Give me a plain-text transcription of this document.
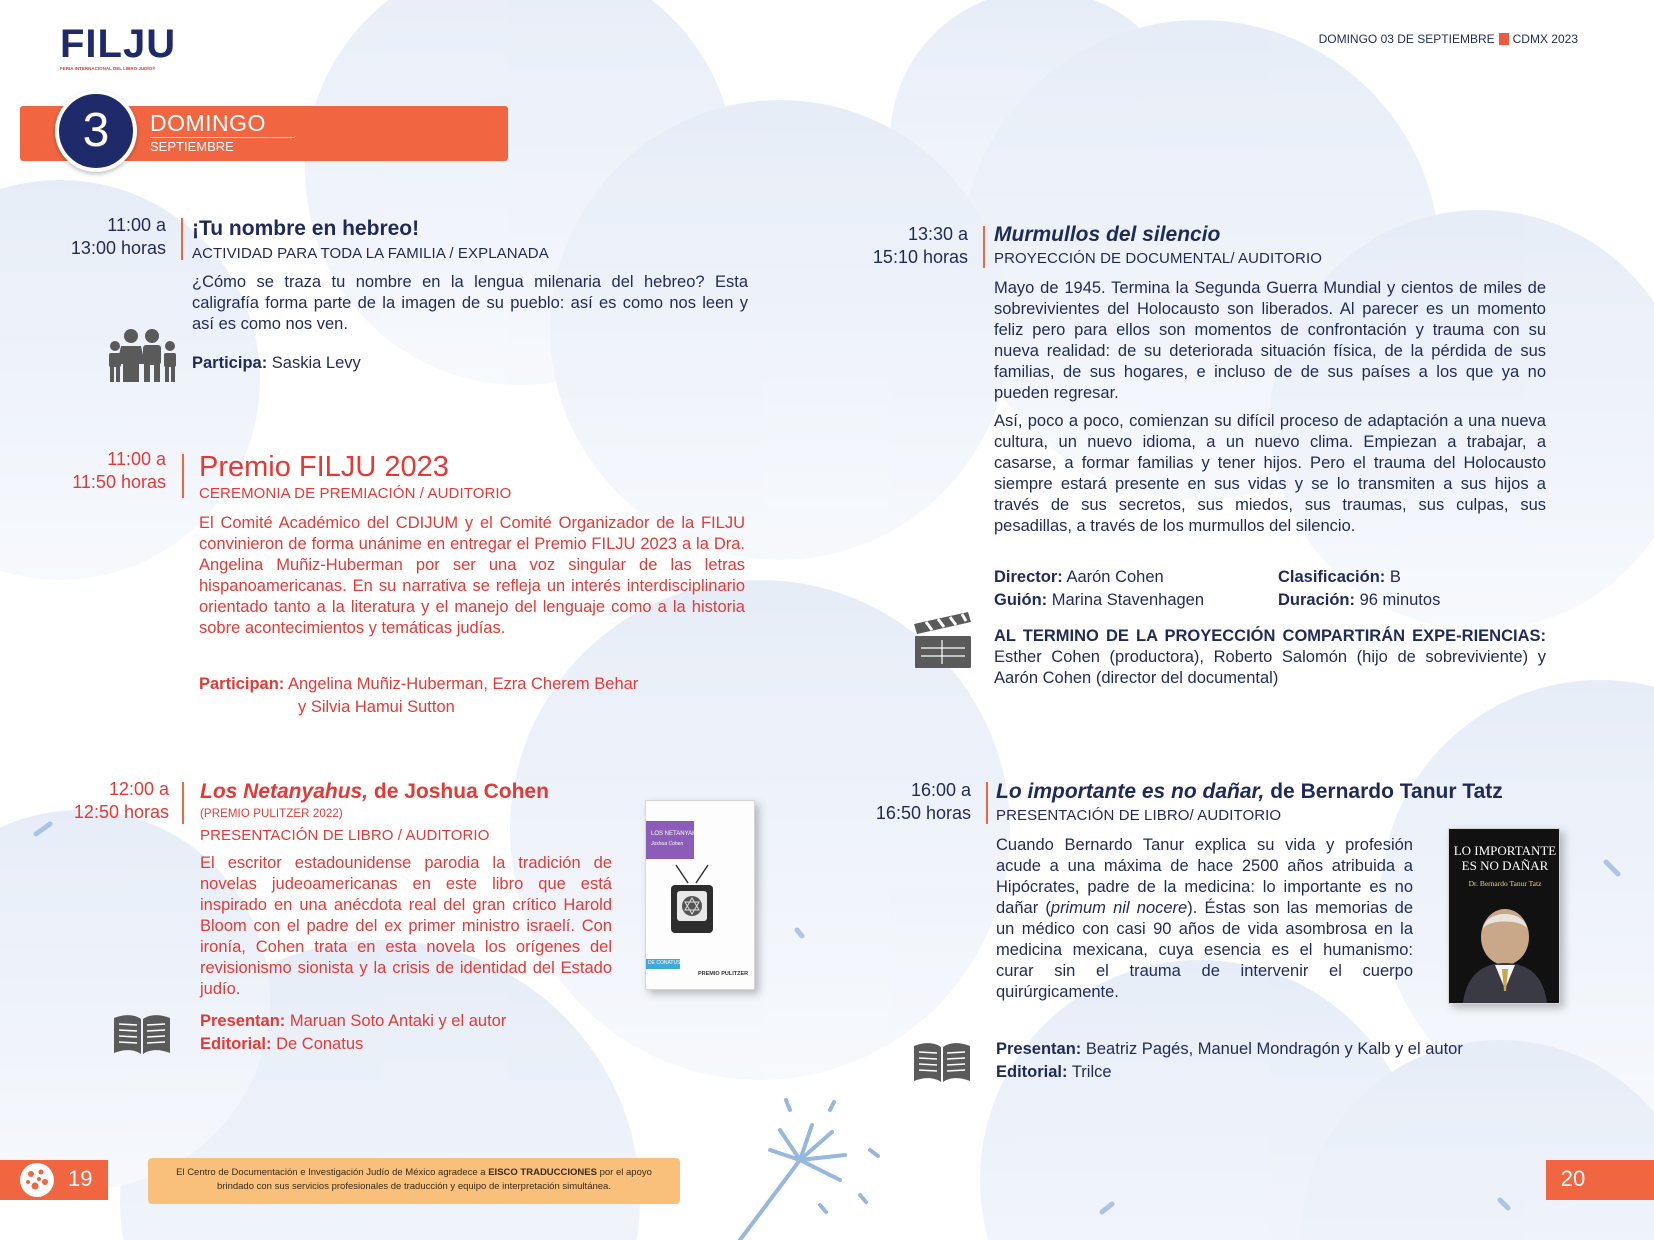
FILJU
FERIA INTERNACIONAL DEL LIBRO JUDÍO®
DOMINGO 03 DE SEPTIEMBRE CDMX 2023
3	DOMINGO
SEPTIEMBRE
11:00 a
13:00 horas
¡Tu nombre en hebreo!
ACTIVIDAD PARA TODA LA FAMILIA / EXPLANADA
¿Cómo se traza tu nombre en la lengua milenaria del hebreo? Esta caligrafía forma parte de la imagen de su pueblo: así es como nos leen y así es como nos ven.
Participa: Saskia Levy
11:00 a
11:50 horas Premio FILJU 2023
CEREMONIA DE PREMIACIÓN / AUDITORIO
El Comité Académico del CDIJUM y el Comité Organizador de la FILJU convinieron de forma unánime en entregar el Premio FILJU 2023 a la Dra. Angelina Muñiz-Huberman por ser una voz singular de las letras hispanoamericanas. En su narrativa se refleja un interés interdisciplinario orientado tanto a la literatura y el manejo del lenguaje como a la historia sobre acontecimientos y temáticas judías.
Participan: Angelina Muñiz-Huberman, Ezra Cherem Behar
y Silvia Hamui Sutton
12:00 a
12:50 horas
Los Netanyahus, de Joshua Cohen
(PREMIO PULITZER 2022)
PRESENTACIÓN DE LIBRO / AUDITORIO
El escritor estadounidense parodia la tradición de novelas judeoamericanas en este libro que está inspirado en una anécdota real del gran crítico Harold Bloom con el padre del ex primer ministro israelí. Con ironía, Cohen trata en esta novela los orígenes del revisionismo sionista y la crisis de identidad del Estado judío.
Presentan: Maruan Soto Antaki y el autor
Editorial: De Conatus
LOS NETANYAHUS
Joshua Cohen
DE CONATUS
PREMIO PULITZER
13:30 a
15:10 horas
Murmullos del silencio
PROYECCIÓN DE DOCUMENTAL/ AUDITORIO

Mayo de 1945. Termina la Segunda Guerra Mundial y cientos de miles de sobrevivientes del Holocausto son liberados. Al parecer es un momento feliz pero para ellos son momentos de confrontación y trauma con su nueva realidad: de su deteriorada situación física, de la pérdida de sus familias, de sus hogares, e incluso de de sus países a los que ya no pueden regresar.

Así, poco a poco, comienzan su difícil proceso de adaptación a una nueva cultura, un nuevo idioma, a un nuevo clima. Empiezan a trabajar, a casarse, a formar familias y tener hijos. Pero el trauma del Holocausto siempre estará presente en sus vidas y se lo transmiten a sus hijos a través de sus secretos, sus miedos, sus traumas, sus culpas, sus pesadillas, a través de los murmullos del silencio.

Director: Aarón Cohen
Guión: Marina Stavenhagen
Clasificación: B
Duración: 96 minutos
AL TERMINO DE LA PROYECCIÓN COMPARTIRÁN EXPE-RIENCIAS: Esther Cohen (productora), Roberto Salomón (hijo de sobreviviente) y Aarón Cohen (director del documental)
16:00 a
16:50 horas
Lo importante es no dañar, de Bernardo Tanur Tatz
PRESENTACIÓN DE LIBRO/ AUDITORIO
Cuando Bernardo Tanur explica su vida y profesión acude a una máxima de hace 2500 años atribuida a Hipócrates, padre de la medicina: lo importante es no dañar (primum nil nocere). Éstas son las memorias de un médico con casi 90 años de vida asombrosa en la medicina mexicana, cuya esencia es el humanismo: curar sin el trauma de intervenir el cuerpo quirúrgicamente.
LO IMPORTANTE
ES NO DAÑAR
Dr. Bernardo Tanur Tatz
Presentan: Beatriz Pagés, Manuel Mondragón y Kalb y el autor
Editorial: Trilce
19	20
El Centro de Documentación e Investigación Judío de México agradece a EISCO TRADUCCIONES por el apoyo brindado con sus servicios profesionales de traducción y equipo de interpretación simultánea.
